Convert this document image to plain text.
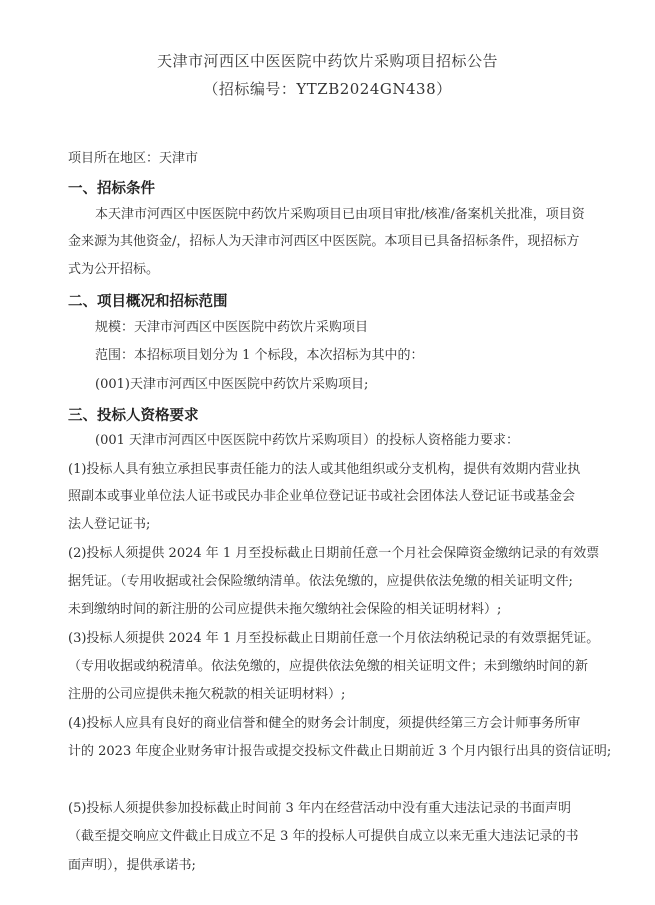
天津市河西区中医医院中药饮片采购项目招标公告
（招标编号：YTZB2024GN438）
项目所在地区：天津市
一、招标条件
本天津市河西区中医医院中药饮片采购项目已由项目审批/核准/备案机关批准，项目资
金来源为其他资金/，招标人为天津市河西区中医医院。本项目已具备招标条件，现招标方
式为公开招标。
二、项目概况和招标范围
规模：天津市河西区中医医院中药饮片采购项目
范围：本招标项目划分为 1 个标段，本次招标为其中的：
(001)天津市河西区中医医院中药饮片采购项目;
三、投标人资格要求
(001 天津市河西区中医医院中药饮片采购项目）的投标人资格能力要求：
(1)投标人具有独立承担民事责任能力的法人或其他组织或分支机构，提供有效期内营业执
照副本或事业单位法人证书或民办非企业单位登记证书或社会团体法人登记证书或基金会
法人登记证书;
(2)投标人须提供 2024 年 1 月至投标截止日期前任意一个月社会保障资金缴纳记录的有效票
据凭证。（专用收据或社会保险缴纳清单。依法免缴的，应提供依法免缴的相关证明文件;
未到缴纳时间的新注册的公司应提供未拖欠缴纳社会保险的相关证明材料）;
(3)投标人须提供 2024 年 1 月至投标截止日期前任意一个月依法纳税记录的有效票据凭证。
（专用收据或纳税清单。依法免缴的，应提供依法免缴的相关证明文件；未到缴纳时间的新
注册的公司应提供未拖欠税款的相关证明材料）;
(4)投标人应具有良好的商业信誉和健全的财务会计制度，须提供经第三方会计师事务所审
计的 2023 年度企业财务审计报告或提交投标文件截止日期前近 3 个月内银行出具的资信证明;
(5)投标人须提供参加投标截止时间前 3 年内在经营活动中没有重大违法记录的书面声明
（截至提交响应文件截止日成立不足 3 年的投标人可提供自成立以来无重大违法记录的书
面声明），提供承诺书;
